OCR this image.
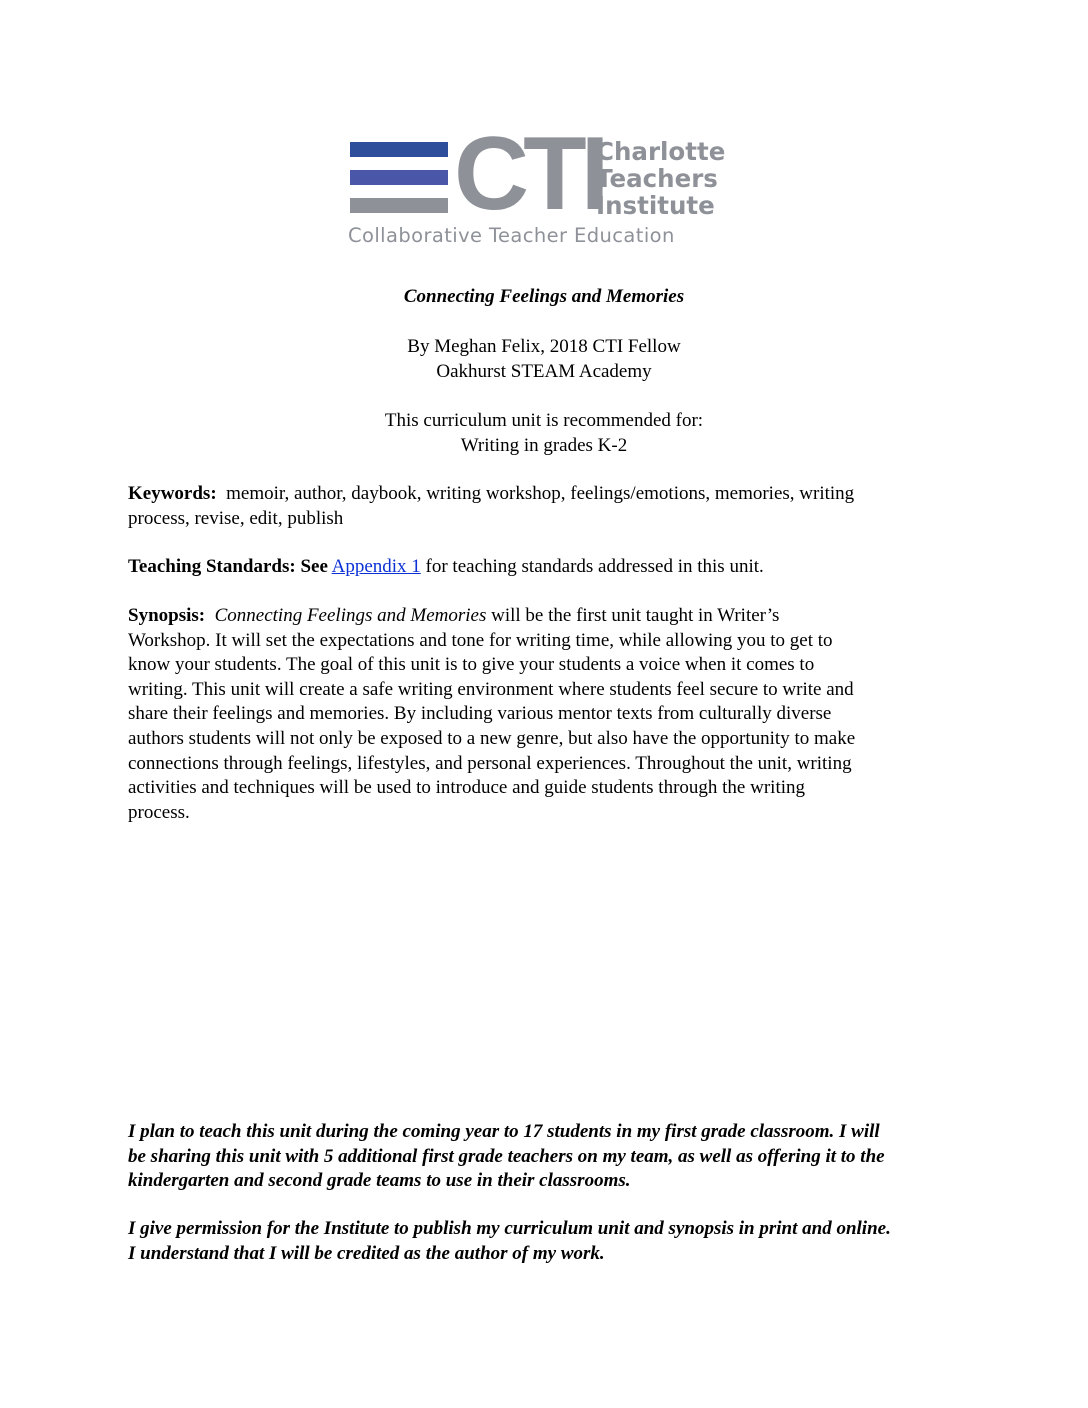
CTI
Charlotte
Teachers
Institute
Collaborative Teacher Education
Connecting Feelings and Memories
By Meghan Felix, 2018 CTI Fellow
Oakhurst STEAM Academy
This curriculum unit is recommended for:
Writing in grades K-2
Keywords: memoir, author, daybook, writing workshop, feelings/emotions, memories, writing
process, revise, edit, publish
Teaching Standards: See Appendix 1 for teaching standards addressed in this unit.
Synopsis: Connecting Feelings and Memories will be the first unit taught in Writer’s
Workshop. It will set the expectations and tone for writing time, while allowing you to get to
know your students. The goal of this unit is to give your students a voice when it comes to
writing. This unit will create a safe writing environment where students feel secure to write and
share their feelings and memories. By including various mentor texts from culturally diverse
authors students will not only be exposed to a new genre, but also have the opportunity to make
connections through feelings, lifestyles, and personal experiences. Throughout the unit, writing
activities and techniques will be used to introduce and guide students through the writing
process.
I plan to teach this unit during the coming year to 17 students in my first grade classroom. I will
be sharing this unit with 5 additional first grade teachers on my team, as well as offering it to the
kindergarten and second grade teams to use in their classrooms.
I give permission for the Institute to publish my curriculum unit and synopsis in print and online.
I understand that I will be credited as the author of my work.
